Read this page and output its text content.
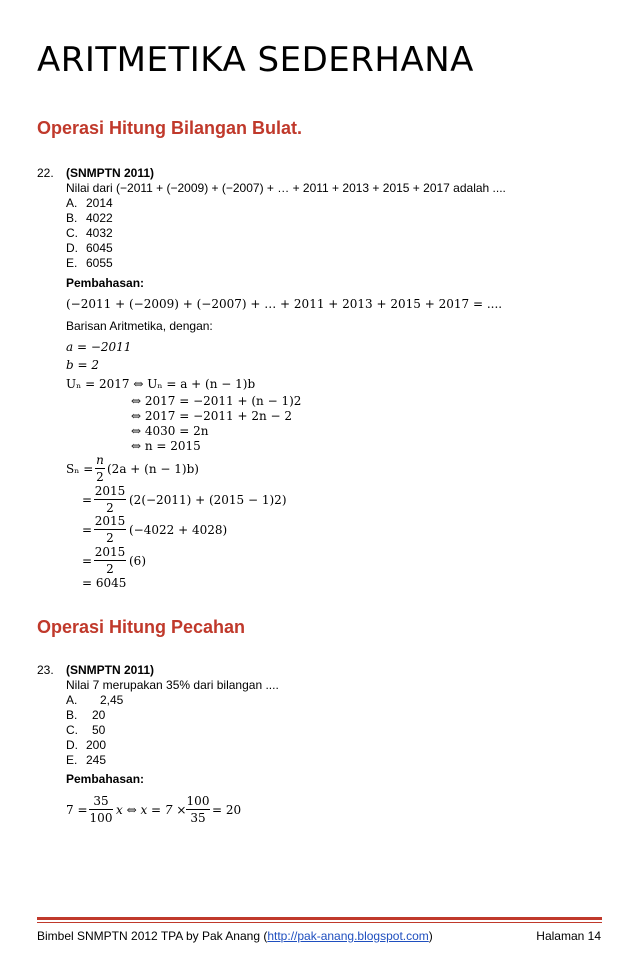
ARITMETIKA SEDERHANA
Operasi Hitung Bilangan Bulat.
22. (SNMPTN 2011)
Nilai dari (−2011 + (−2009) + (−2007) + … + 2011 + 2013 + 2015 + 2017 adalah ....
A. 2014
B. 4022
C. 4032
D. 6045
E. 6055
Pembahasan:
(−2011 + (−2009) + (−2007) + … + 2011 + 2013 + 2015 + 2017 = ....
Barisan Aritmetika, dengan:
a = −2011
b = 2
Uₙ = 2017 ⇔ Uₙ = a + (n − 1)b
⇔ 2017 = −2011 + (n − 1)2
⇔ 2017 = −2011 + 2n − 2
⇔ 4030 = 2n
⇔ n = 2015
Sₙ =
n
2
(2a + (n − 1)b)
=
2015
2
(2(−2011) + (2015 − 1)2)
=
2015
2
(−4022 + 4028)
=
2015
2
(6)
= 6045
Operasi Hitung Pecahan
23. (SNMPTN 2011)
Nilai 7 merupakan 35% dari bilangan ....
A. 2,45
B. 20
C. 50
D. 200
E. 245
Pembahasan:
7 =
35
100
x ⇔ x = 7 ×
100
35
= 20
Bimbel SNMPTN 2012 TPA by Pak Anang (http://pak-anang.blogspot.com)	Halaman 14
